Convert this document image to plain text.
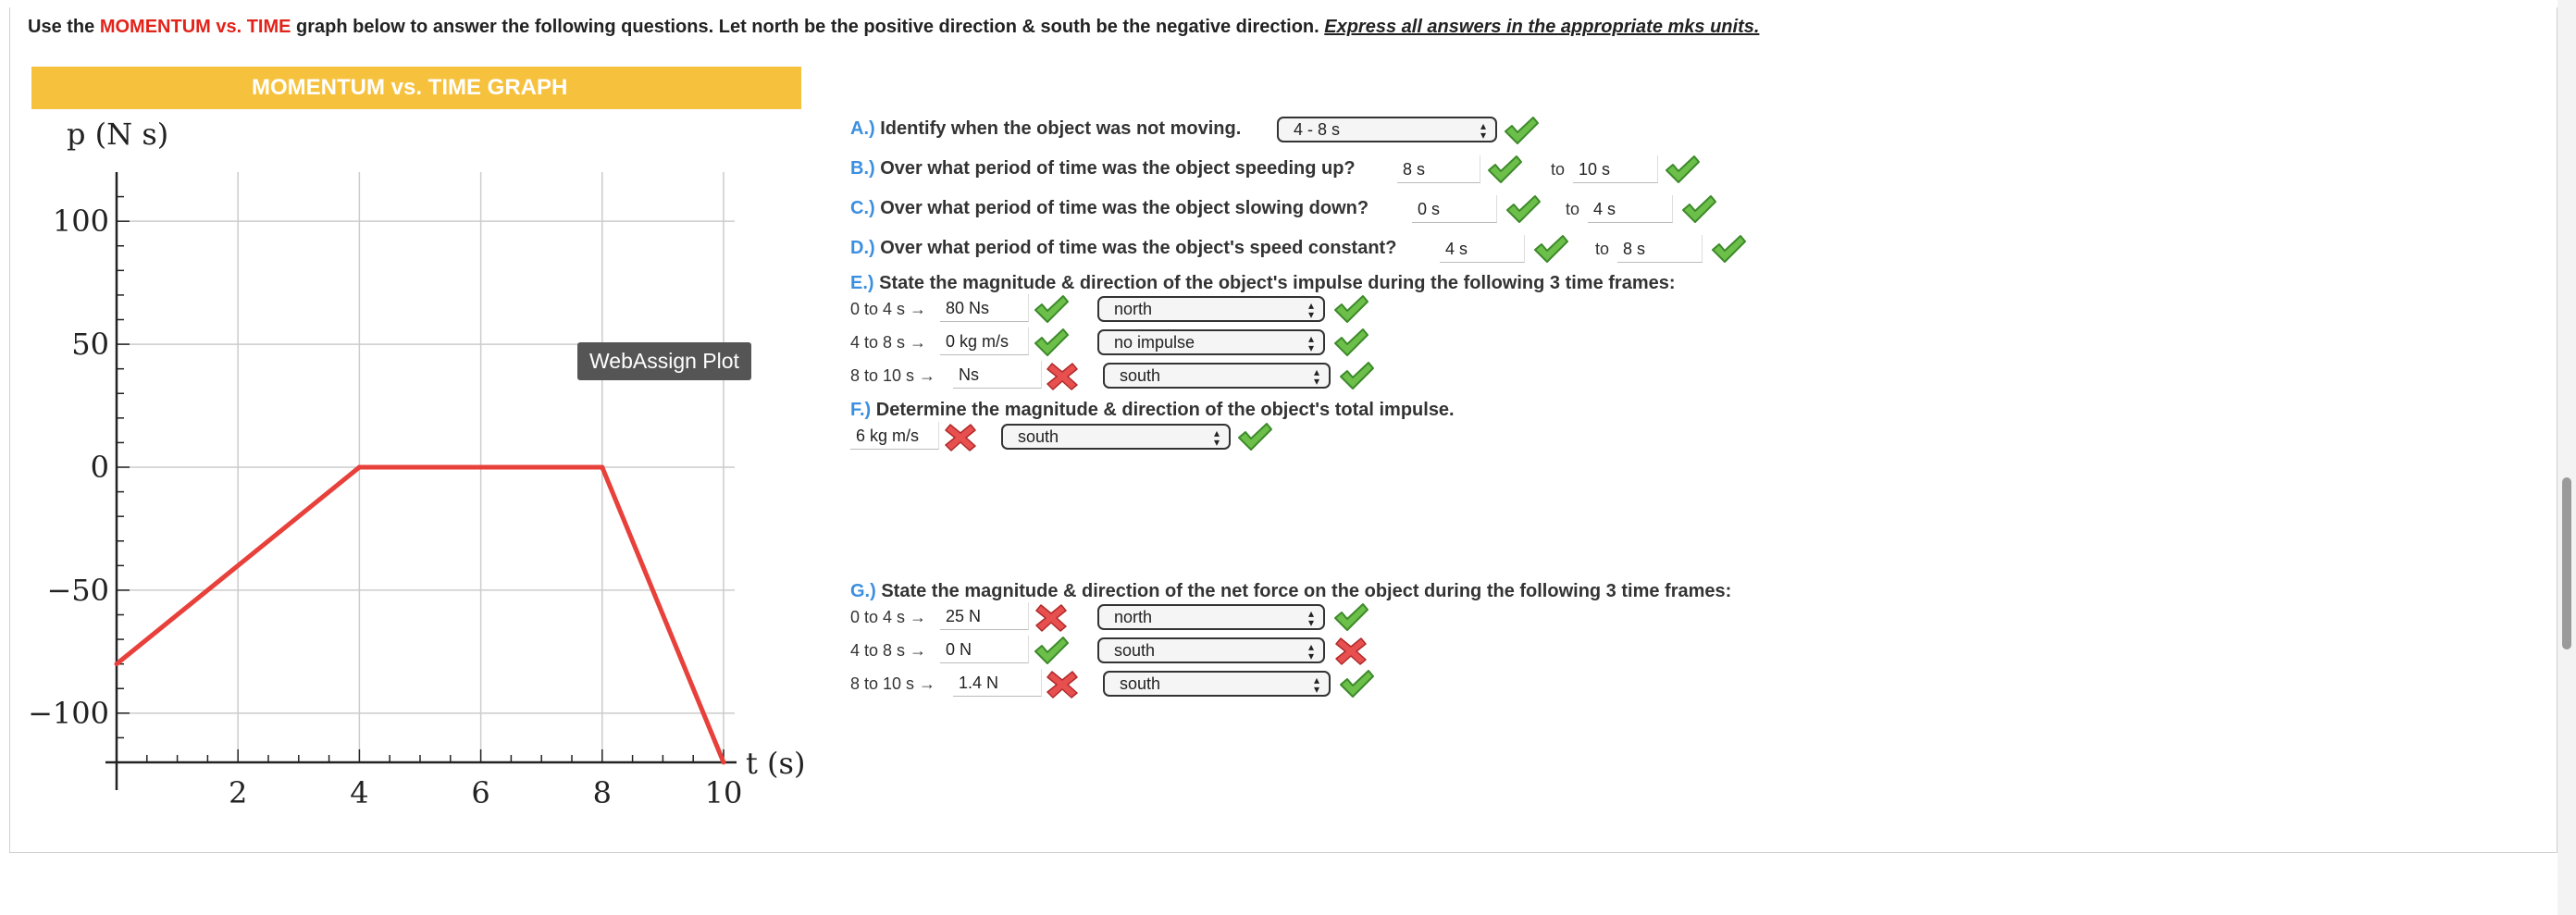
Use the MOMENTUM vs. TIME graph below to answer the following questions. Let north be the positive direction & south be the negative direction. Express all answers in the appropriate mks units.
MOMENTUM vs. TIME GRAPH
100
50
0
−50
−100
2	4	6	8	10
p (N s)
t (s)
WebAssign Plot
A.) Identify when the object was not moving.	4 - 8 s	▴
▾
B.) Over what period of time was the object speeding up?	8 s	to 10 s
C.) Over what period of time was the object slowing down?	0 s	to 4 s
D.) Over what period of time was the object's speed constant?	4 s	to 8 s
E.) State the magnitude & direction of the object's impulse during the following 3 time frames:
0 to 4 s →	80 Ns	north	▴
▾
4 to 8 s →	0 kg m/s	no impulse	▴
▾
8 to 10 s →	Ns	south	▴
▾
F.) Determine the magnitude & direction of the object's total impulse.
6 kg m/s	south	▴
▾
G.) State the magnitude & direction of the net force on the object during the following 3 time frames:
0 to 4 s →	25 N	north	▴
▾
4 to 8 s →	0 N	south	▴
▾
8 to 10 s →	1.4 N	south	▴
▾
